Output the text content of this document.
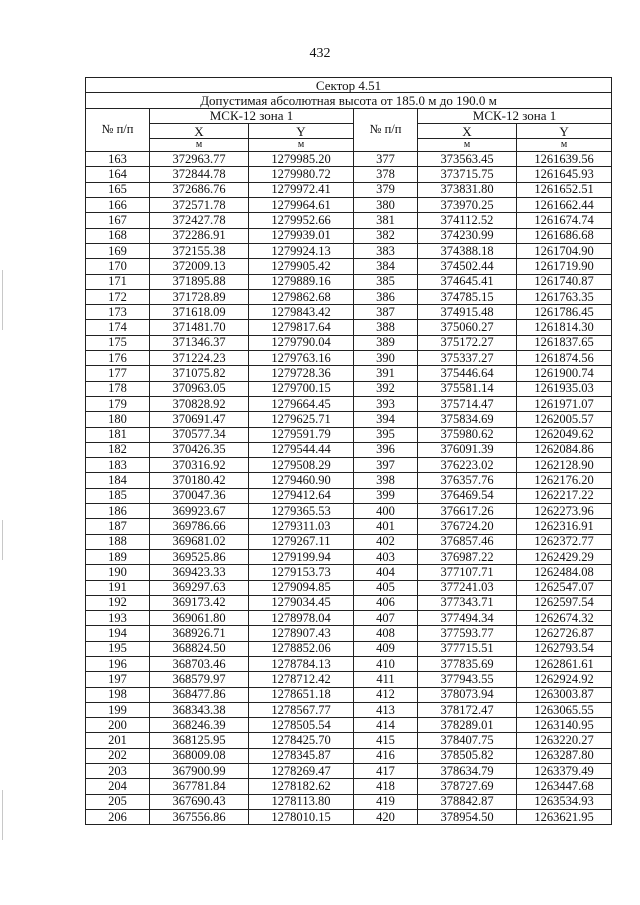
432
Сектор 4.51					
Допустимая абсолютная высота от 185.0 м до 190.0 м					
№ п/п	МСК-12 зона 1		№ п/п	МСК-12 зона 1	
	X	Y		X	Y
	м	м		м	м
163	372963.77	1279985.20	377	373563.45	1261639.56
164	372844.78	1279980.72	378	373715.75	1261645.93
165	372686.76	1279972.41	379	373831.80	1261652.51
166	372571.78	1279964.61	380	373970.25	1261662.44
167	372427.78	1279952.66	381	374112.52	1261674.74
168	372286.91	1279939.01	382	374230.99	1261686.68
169	372155.38	1279924.13	383	374388.18	1261704.90
170	372009.13	1279905.42	384	374502.44	1261719.90
171	371895.88	1279889.16	385	374645.41	1261740.87
172	371728.89	1279862.68	386	374785.15	1261763.35
173	371618.09	1279843.42	387	374915.48	1261786.45
174	371481.70	1279817.64	388	375060.27	1261814.30
175	371346.37	1279790.04	389	375172.27	1261837.65
176	371224.23	1279763.16	390	375337.27	1261874.56
177	371075.82	1279728.36	391	375446.64	1261900.74
178	370963.05	1279700.15	392	375581.14	1261935.03
179	370828.92	1279664.45	393	375714.47	1261971.07
180	370691.47	1279625.71	394	375834.69	1262005.57
181	370577.34	1279591.79	395	375980.62	1262049.62
182	370426.35	1279544.44	396	376091.39	1262084.86
183	370316.92	1279508.29	397	376223.02	1262128.90
184	370180.42	1279460.90	398	376357.76	1262176.20
185	370047.36	1279412.64	399	376469.54	1262217.22
186	369923.67	1279365.53	400	376617.26	1262273.96
187	369786.66	1279311.03	401	376724.20	1262316.91
188	369681.02	1279267.11	402	376857.46	1262372.77
189	369525.86	1279199.94	403	376987.22	1262429.29
190	369423.33	1279153.73	404	377107.71	1262484.08
191	369297.63	1279094.85	405	377241.03	1262547.07
192	369173.42	1279034.45	406	377343.71	1262597.54
193	369061.80	1278978.04	407	377494.34	1262674.32
194	368926.71	1278907.43	408	377593.77	1262726.87
195	368824.50	1278852.06	409	377715.51	1262793.54
196	368703.46	1278784.13	410	377835.69	1262861.61
197	368579.97	1278712.42	411	377943.55	1262924.92
198	368477.86	1278651.18	412	378073.94	1263003.87
199	368343.38	1278567.77	413	378172.47	1263065.55
200	368246.39	1278505.54	414	378289.01	1263140.95
201	368125.95	1278425.70	415	378407.75	1263220.27
202	368009.08	1278345.87	416	378505.82	1263287.80
203	367900.99	1278269.47	417	378634.79	1263379.49
204	367781.84	1278182.62	418	378727.69	1263447.68
205	367690.43	1278113.80	419	378842.87	1263534.93
206	367556.86	1278010.15	420	378954.50	1263621.95
